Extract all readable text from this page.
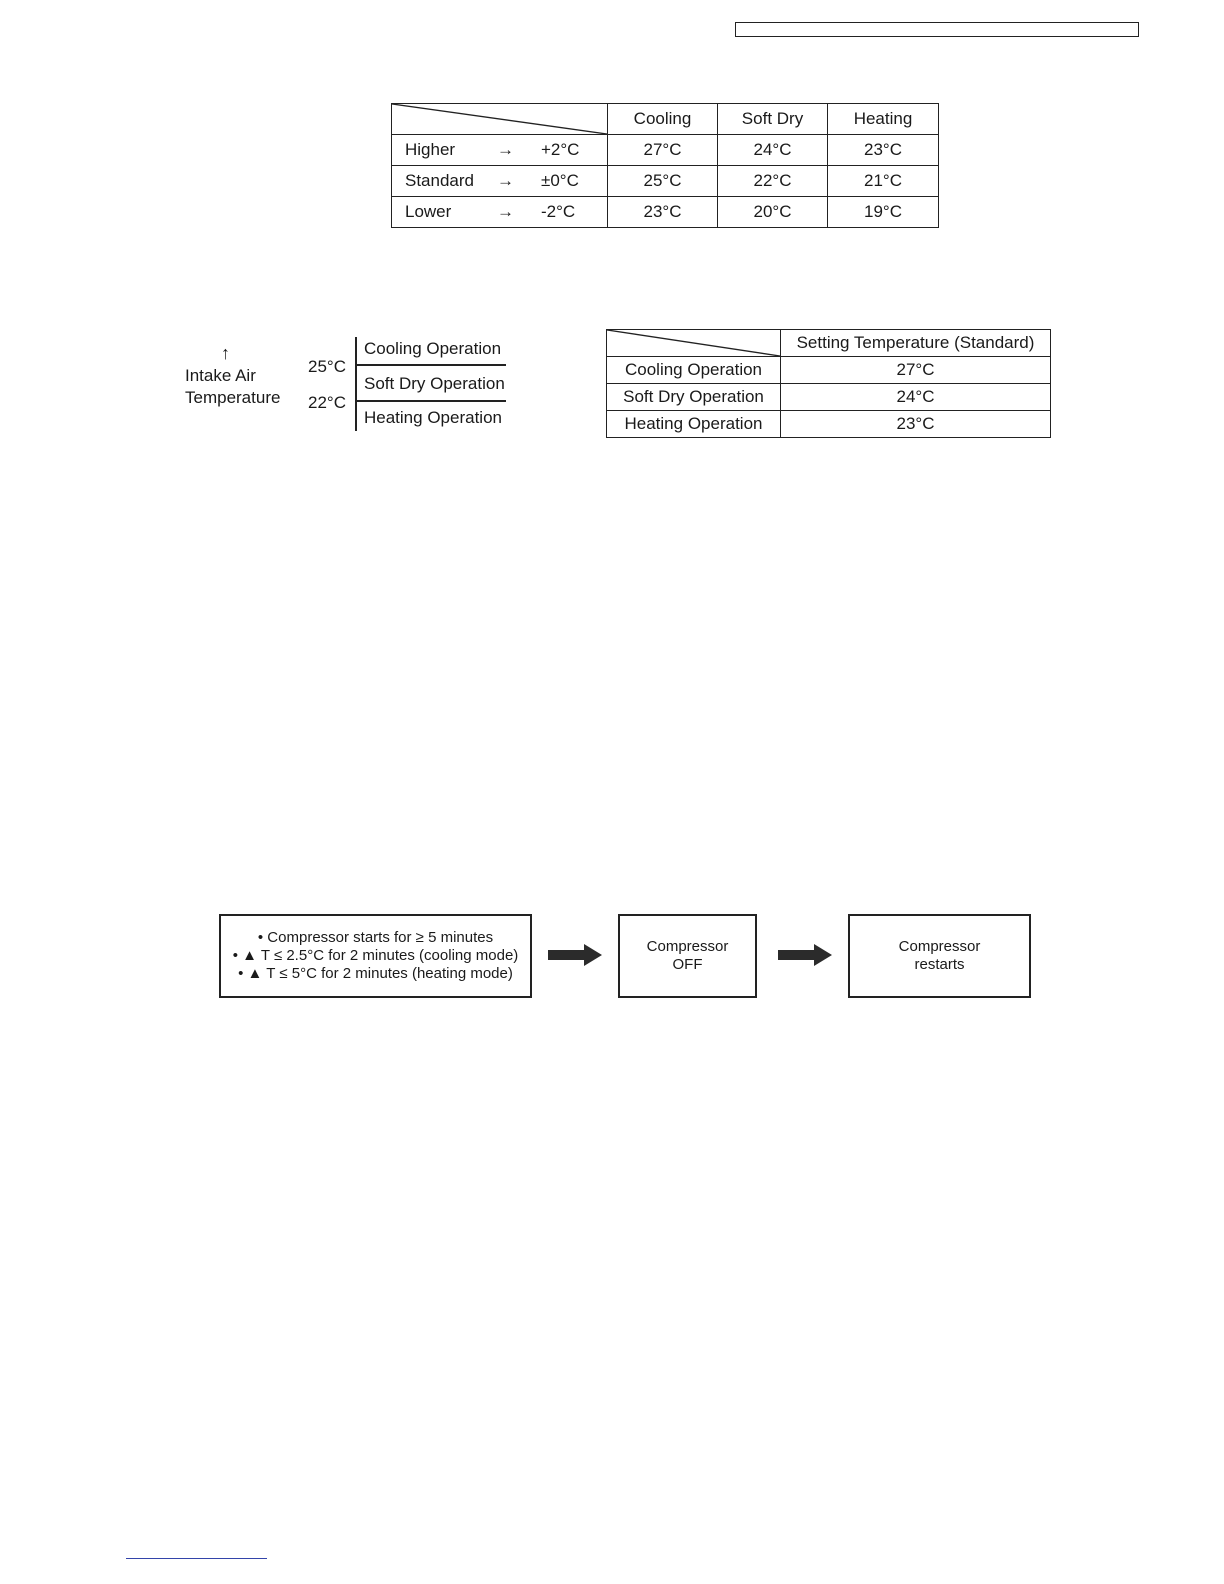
	Cooling	Soft Dry	Heating
Higher → +2°C	27°C	24°C	23°C
Standard → ±0°C	25°C	22°C	21°C
Lower → -2°C	23°C	20°C	19°C
↑
Intake Air
Temperature
25°C
22°C
Cooling Operation
Soft Dry Operation
Heating Operation
	Setting Temperature (Standard)
Cooling Operation	27°C
Soft Dry Operation	24°C
Heating Operation	23°C
• Compressor starts for ≥ 5 minutes
• ▲ T ≤ 2.5°C for 2 minutes (cooling mode)
• ▲ T ≤ 5°C for 2 minutes (heating mode)
Compressor
OFF
Compressor
restarts
